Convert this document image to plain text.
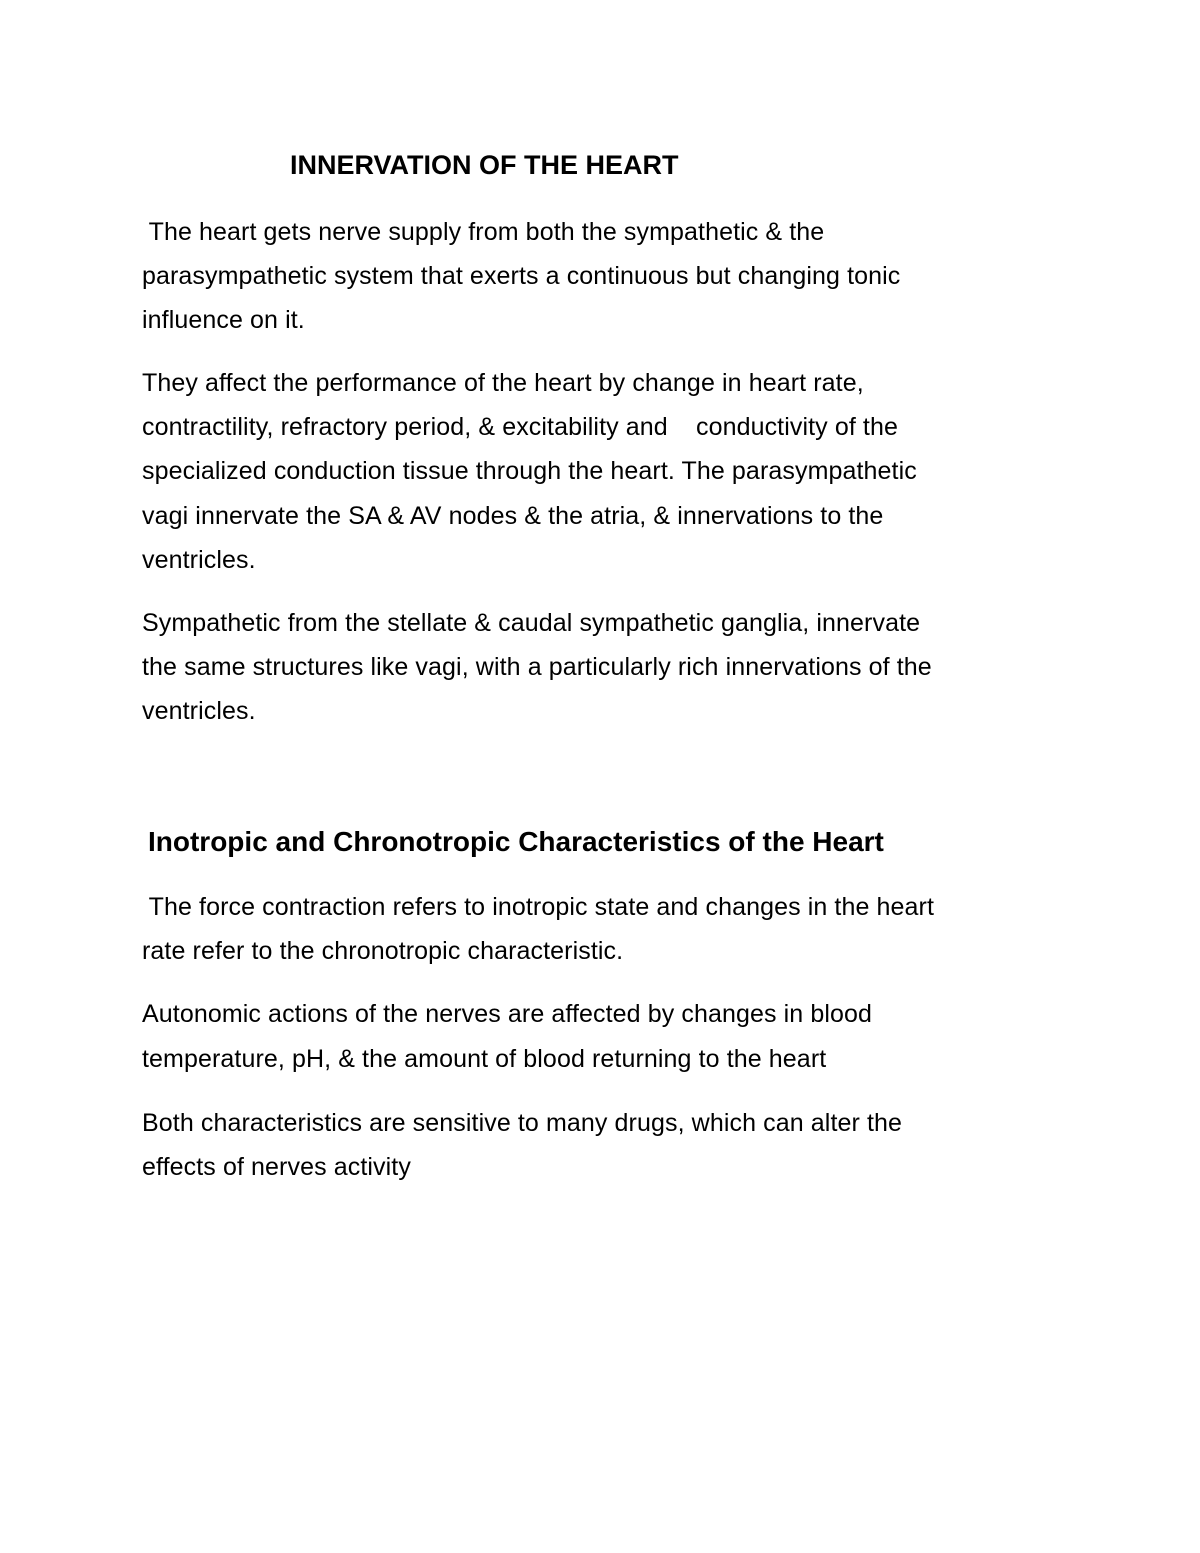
INNERVATION OF THE HEART
The heart gets nerve supply from both the sympathetic & the
parasympathetic system that exerts a continuous but changing tonic
influence on it.
They affect the performance of the heart by change in heart rate,
contractility, refractory period, & excitability and    conductivity of the
specialized conduction tissue through the heart. The parasympathetic
vagi innervate the SA & AV nodes & the atria, & innervations to the
ventricles.
Sympathetic from the stellate & caudal sympathetic ganglia, innervate
the same structures like vagi, with a particularly rich innervations of the
ventricles.
Inotropic and Chronotropic Characteristics of the Heart
The force contraction refers to inotropic state and changes in the heart
rate refer to the chronotropic characteristic.
Autonomic actions of the nerves are affected by changes in blood
temperature, pH, & the amount of blood returning to the heart
Both characteristics are sensitive to many drugs, which can alter the
effects of nerves activity
